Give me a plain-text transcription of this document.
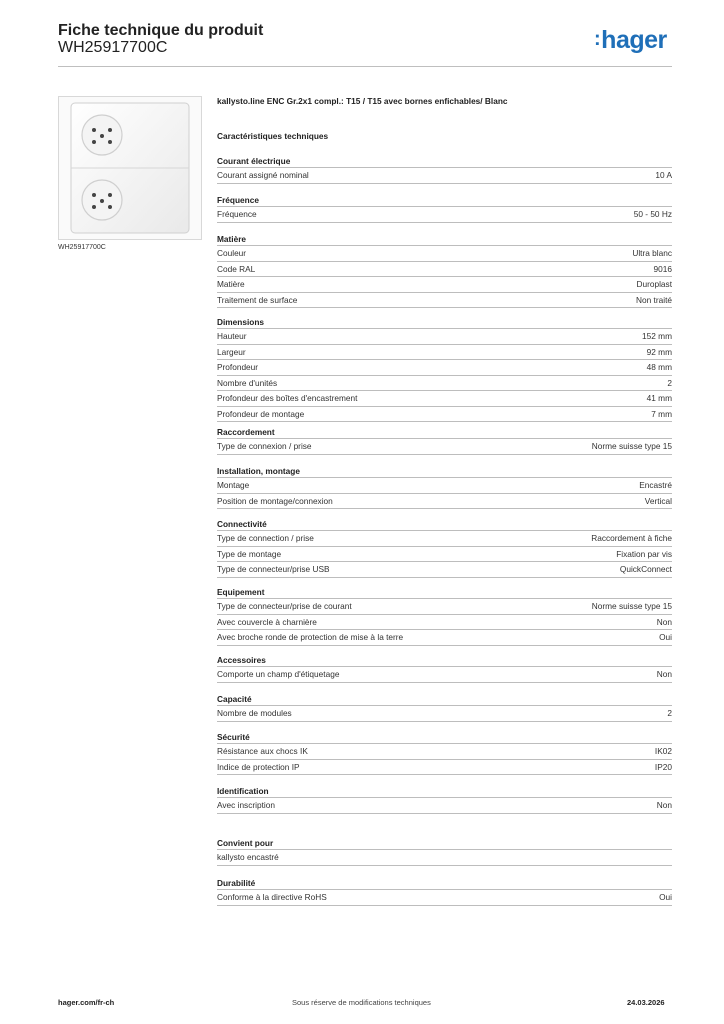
Fiche technique du produit
WH25917700C	:hager
WH25917700C
kallysto.line ENC Gr.2x1 compl.: T15 / T15 avec bornes enfichables/ Blanc
Caractéristiques techniques
Courant électrique
Courant assigné nominal	10 A
Fréquence
Fréquence	50 - 50 Hz
Matière
Couleur	Ultra blanc
Code RAL	9016
Matière	Duroplast
Traitement de surface	Non traité
Dimensions
Hauteur	152 mm
Largeur	92 mm
Profondeur	48 mm
Nombre d'unités	2
Profondeur des boîtes d'encastrement	41 mm
Profondeur de montage	7 mm
Raccordement
Type de connexion / prise	Norme suisse type 15
Installation, montage
Montage	Encastré
Position de montage/connexion	Vertical
Connectivité
Type de connection / prise	Raccordement à fiche
Type de montage	Fixation par vis
Type de connecteur/prise USB	QuickConnect
Equipement
Type de connecteur/prise de courant	Norme suisse type 15
Avec couvercle à charnière	Non
Avec broche ronde de protection de mise à la terre	Oui
Accessoires
Comporte un champ d'étiquetage	Non
Capacité
Nombre de modules	2
Sécurité
Résistance aux chocs IK	IK02
Indice de protection IP	IP20
Identification
Avec inscription	Non
Convient pour
kallysto encastré
Durabilité
Conforme à la directive RoHS	Oui
hager.com/fr-ch	Sous réserve de modifications techniques	24.03.2026
